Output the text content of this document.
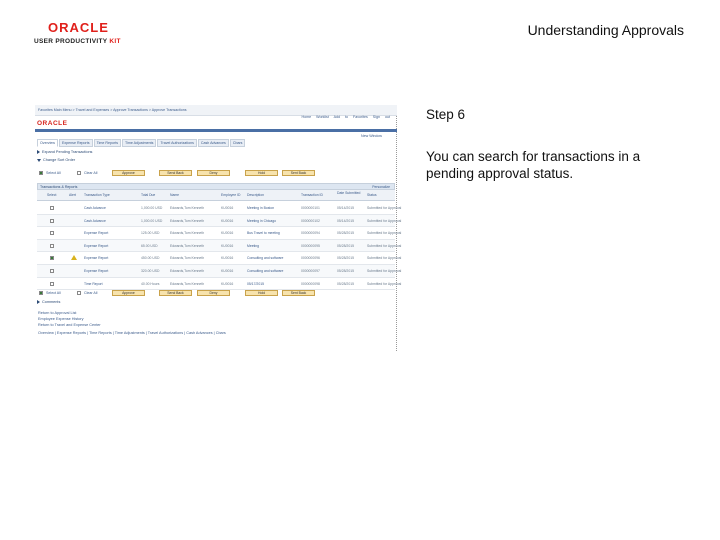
ORACLE
USER PRODUCTIVITY KIT
Understanding Approvals
Favorites Main Menu > Travel and Expenses > Approve Transactions > Approve Transactions
ORACLE
Home Worklist Add to Favorites Sign out
New Window
Overview	Expense Reports	Time Reports	Time Adjustments	Travel Authorizations	Cash Advances	Cbars
Expand Pending Transactions
Change Sort Order
Select All	Clear All	Approve	Send Back	Deny	Hold	Sent Back
Transactions & Reports	Personalize
Select	Alert Transaction Type	Total Due	Name	Employee ID Description	Transaction ID	Date Submitted Status
Cash Advance	1,000.00 USD	Edwards,Tom Kenneth	KU0016	Meeting in Boston	0000000101	05/14/2015	Submitted for Approval
Cash Advance	1,000.00 USD	Edwards,Tom Kenneth	KU0016	Meeting in Chicago	0000000102	05/14/2015	Submitted for Approval
Expense Report	125.00 USD	Edwards,Tom Kenneth	KU0016	Bus Travel to meeting	0000000094	05/28/2015	Submitted for Approval
Expense Report	65.00 USD	Edwards,Tom Kenneth	KU0016	Meeting	0000000095	05/28/2015	Submitted for Approval
Expense Report	450.00 USD	Edwards,Tom Kenneth	KU0016	Consulting and software	0000000096	05/28/2015	Submitted for Approval
Expense Report	320.00 USD	Edwards,Tom Kenneth	KU0016	Consulting and software	0000000097	05/28/2015	Submitted for Approval
Time Report	40.00 Hours	Edwards,Tom Kenneth	KU0016	05/17/2015	0000000098	05/28/2015	Submitted for Approval
Select All	Clear All	Approve	Send Back	Deny	Hold	Sent Back
Comments
Return to Approval List
Employee Expense History
Return to Travel and Expense Center
Overview | Expense Reports | Time Reports | Time Adjustments | Travel Authorizations | Cash Advances | Cbars
Step 6
You can search for transactions in a pending approval status.
